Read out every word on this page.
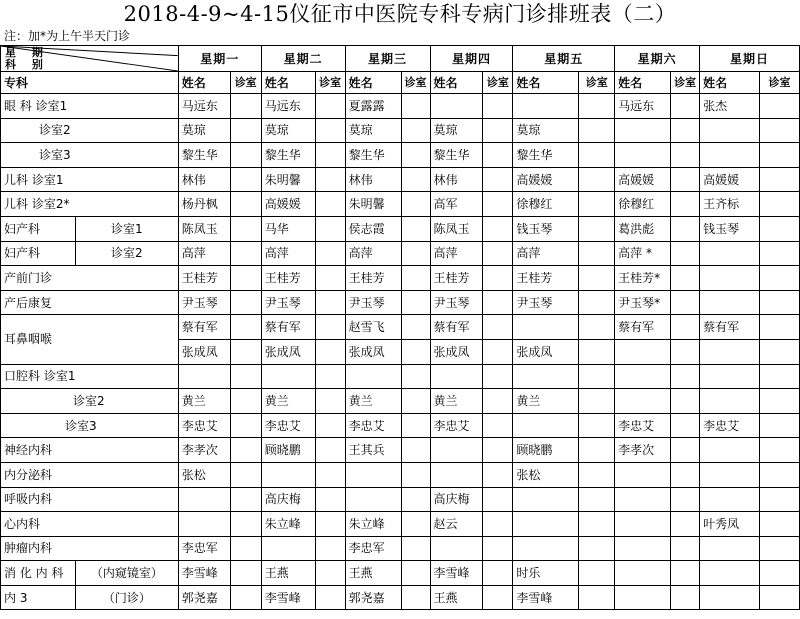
2018-4-9~4-15仪征市中医院专科专病门诊排班表（二）
注：加*为上午半天门诊
星 期
科 别		星期一		星期二		星期三		星期四		星期五		星期六		星期日	
专科		姓名	诊室	姓名	诊室	姓名	诊室	姓名	诊室	姓名	诊室	姓名	诊室	姓名	诊室
眼 科 诊室1		马远东		马远东		夏露露						马远东		张杰	
诊室2		莫琼		莫琼		莫琼		莫琼		莫琼					
诊室3		黎生华		黎生华		黎生华		黎生华		黎生华					
儿科 诊室1		林伟		朱明馨		林伟		林伟		高媛媛		高媛媛		高媛媛	
儿科 诊室2*		杨丹枫		高媛媛		朱明馨		高军		徐穆红		徐穆红		王齐标	
妇产科	诊室1	陈凤玉		马华		侯志霞		陈凤玉		钱玉琴		葛洪彪		钱玉琴	
妇产科	诊室2	高萍		高萍		高萍		高萍		高萍		高萍 *			
产前门诊		王桂芳		王桂芳		王桂芳		王桂芳		王桂芳		王桂芳*			
产后康复		尹玉琴		尹玉琴		尹玉琴		尹玉琴		尹玉琴		尹玉琴*			
耳鼻咽喉		蔡有军		蔡有军		赵雪飞		蔡有军				蔡有军		蔡有军	
		张成凤		张成凤		张成凤		张成凤		张成凤					
口腔科 诊室1															
诊室2		黄兰		黄兰		黄兰		黄兰		黄兰					
诊室3		李忠艾		李忠艾		李忠艾		李忠艾				李忠艾		李忠艾	
神经内科		李孝次		顾晓鹏		王其兵				顾晓鹏		李孝次			
内分泌科		张松								张松					
呼吸内科				高庆梅				高庆梅							
心内科				朱立峰		朱立峰		赵云						叶秀凤	
肿瘤内科		李忠军				李忠军									
消 化 内 科	（内窥镜室）	李雪峰		王燕		王燕		李雪峰		时乐					
内 3	（门诊）	郭尧嘉		李雪峰		郭尧嘉		王燕		李雪峰					
